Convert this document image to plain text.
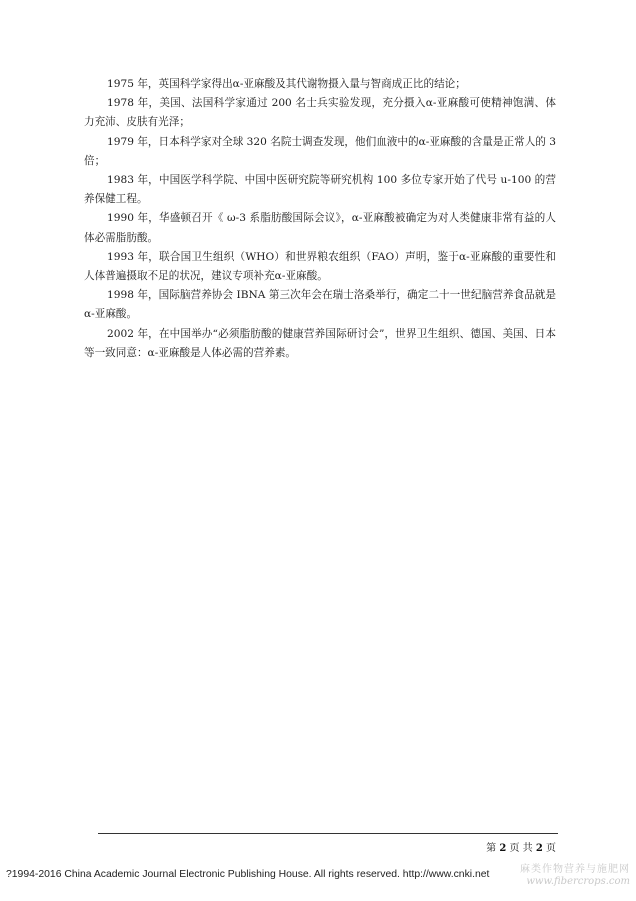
1975 年，英国科学家得出α-亚麻酸及其代谢物摄入量与智商成正比的结论；

1978 年，美国、法国科学家通过 200 名士兵实验发现，充分摄入α-亚麻酸可使精神饱满、体力充沛、皮肤有光泽；

1979 年，日本科学家对全球 320 名院士调查发现，他们血液中的α-亚麻酸的含量是正常人的 3 倍；

1983 年，中国医学科学院、中国中医研究院等研究机构 100 多位专家开始了代号 u-100 的营养保健工程。

1990 年，华盛顿召开《 ω-3 系脂肪酸国际会议》，α-亚麻酸被确定为对人类健康非常有益的人体必需脂肪酸。

1993 年，联合国卫生组织（WHO）和世界粮农组织（FAO）声明，鉴于α-亚麻酸的重要性和人体普遍摄取不足的状况，建议专项补充α-亚麻酸。

1998 年，国际脑营养协会 IBNA 第三次年会在瑞士洛桑举行，确定二十一世纪脑营养食品就是α-亚麻酸。

2002 年，在中国举办“必须脂肪酸的健康营养国际研讨会”，世界卫生组织、德国、美国、日本等一致同意：α-亚麻酸是人体必需的营养素。

第 2 页 共 2 页
?1994-2016 China Academic Journal Electronic Publishing House. All rights reserved. http://www.cnki.net	麻类作物营养与施肥网
www.fibercrops.com
